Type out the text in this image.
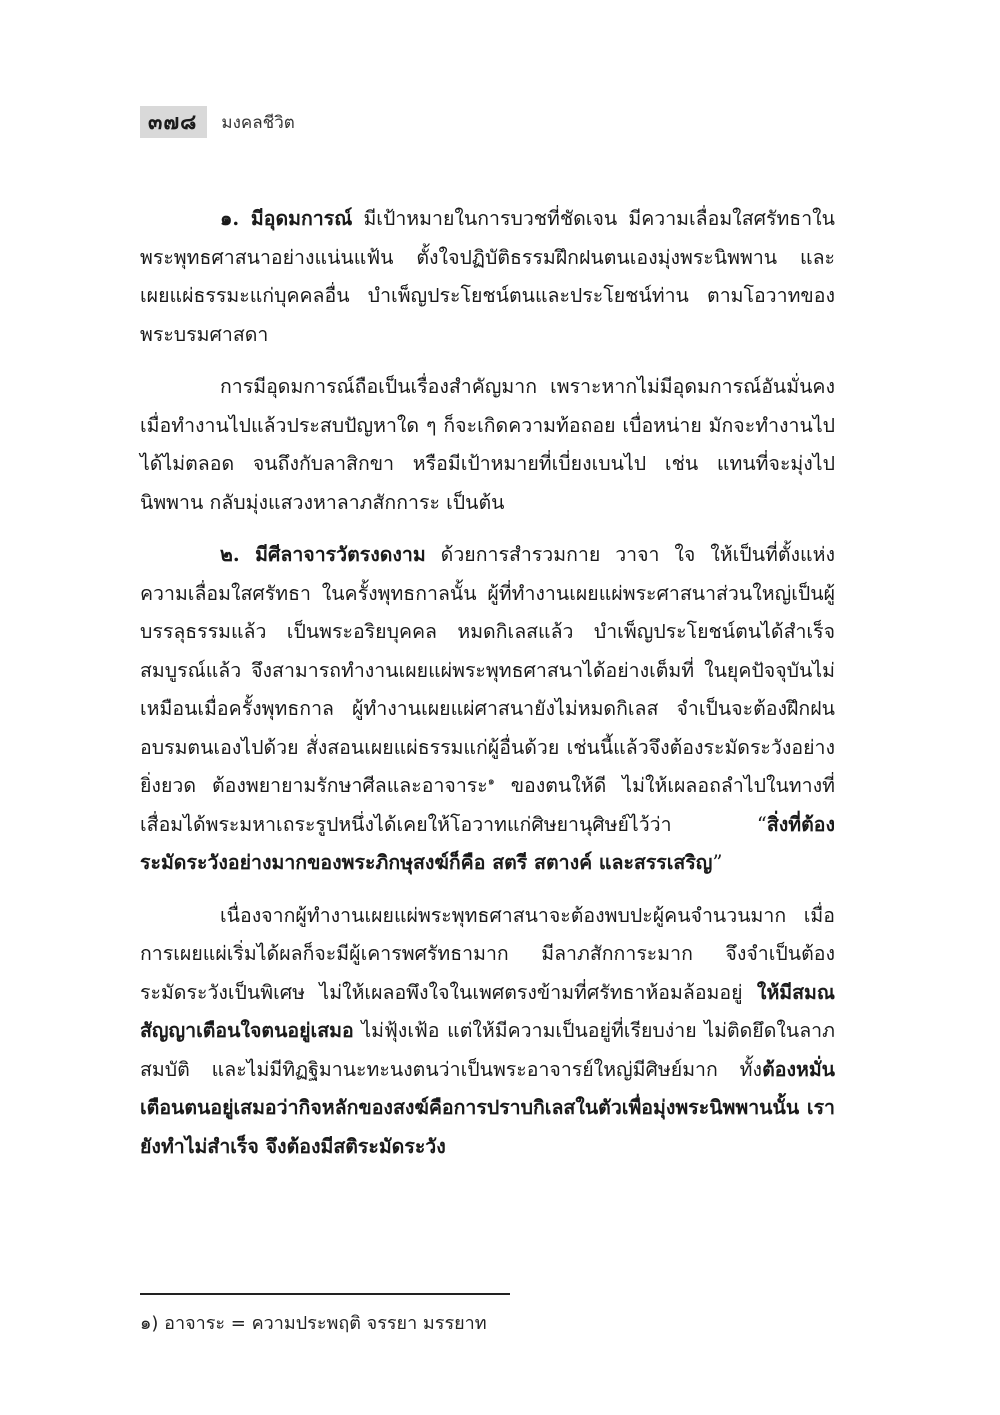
๓๗๘	มงคลชีวิต

๑. มีอุดมการณ์ มีเป้าหมายในการบวชที่ชัดเจน มีความเลื่อมใสศรัทธาในพระพุทธศาสนาอย่างแน่นแฟ้น ตั้งใจปฏิบัติธรรมฝึกฝนตนเองมุ่งพระนิพพาน และเผยแผ่ธรรมะแก่บุคคลอื่น บำเพ็ญประโยชน์ตนและประโยชน์ท่าน ตามโอวาทของพระบรมศาสดา

การมีอุดมการณ์ถือเป็นเรื่องสำคัญมาก เพราะหากไม่มีอุดมการณ์อันมั่นคง เมื่อทำงานไปแล้วประสบปัญหาใด ๆ ก็จะเกิดความท้อถอย เบื่อหน่าย มักจะทำงานไปได้ไม่ตลอด จนถึงกับลาสิกขา หรือมีเป้าหมายที่เบี่ยงเบนไป เช่น แทนที่จะมุ่งไปนิพพาน กลับมุ่งแสวงหาลาภสักการะ เป็นต้น

๒. มีศีลาจารวัตรงดงาม ด้วยการสำรวมกาย วาจา ใจ ให้เป็นที่ตั้งแห่งความเลื่อมใสศรัทธา ในครั้งพุทธกาลนั้น ผู้ที่ทำงานเผยแผ่พระศาสนาส่วนใหญ่เป็นผู้บรรลุธรรมแล้ว เป็นพระอริยบุคคล หมดกิเลสแล้ว บำเพ็ญประโยชน์ตนได้สำเร็จสมบูรณ์แล้ว จึงสามารถทำงานเผยแผ่พระพุทธศาสนาได้อย่างเต็มที่ ในยุคปัจจุบันไม่เหมือนเมื่อครั้งพุทธกาล ผู้ทำงานเผยแผ่ศาสนายังไม่หมดกิเลส จำเป็นจะต้องฝึกฝนอบรมตนเองไปด้วย สั่งสอนเผยแผ่ธรรมแก่ผู้อื่นด้วย เช่นนี้แล้วจึงต้องระมัดระวังอย่างยิ่งยวด ต้องพยายามรักษาศีลและอาจาระ$^๑$ ของตนให้ดี ไม่ให้เผลอถลำไปในทางที่เสื่อมได้พระมหาเถระรูปหนึ่งได้เคยให้โอวาทแก่ศิษยานุศิษย์ไว้ว่า “สิ่งที่ต้องระมัดระวังอย่างมากของพระภิกษุสงฆ์ก็คือ สตรี สตางค์ และสรรเสริญ”

เนื่องจากผู้ทำงานเผยแผ่พระพุทธศาสนาจะต้องพบปะผู้คนจำนวนมาก เมื่อการเผยแผ่เริ่มได้ผลก็จะมีผู้เคารพศรัทธามาก มีลาภสักการะมาก จึงจำเป็นต้องระมัดระวังเป็นพิเศษ ไม่ให้เผลอพึงใจในเพศตรงข้ามที่ศรัทธาห้อมล้อมอยู่ ให้มีสมณสัญญาเตือนใจตนอยู่เสมอ ไม่ฟุ้งเฟ้อ แต่ให้มีความเป็นอยู่ที่เรียบง่าย ไม่ติดยึดในลาภสมบัติ และไม่มีทิฏฐิมานะทะนงตนว่าเป็นพระอาจารย์ใหญ่มีศิษย์มาก ทั้งต้องหมั่นเตือนตนอยู่เสมอว่ากิจหลักของสงฆ์คือการปราบกิเลสในตัวเพื่อมุ่งพระนิพพานนั้น เรายังทำไม่สำเร็จ จึงต้องมีสติระมัดระวัง

๑) อาจาระ = ความประพฤติ จรรยา มรรยาท
